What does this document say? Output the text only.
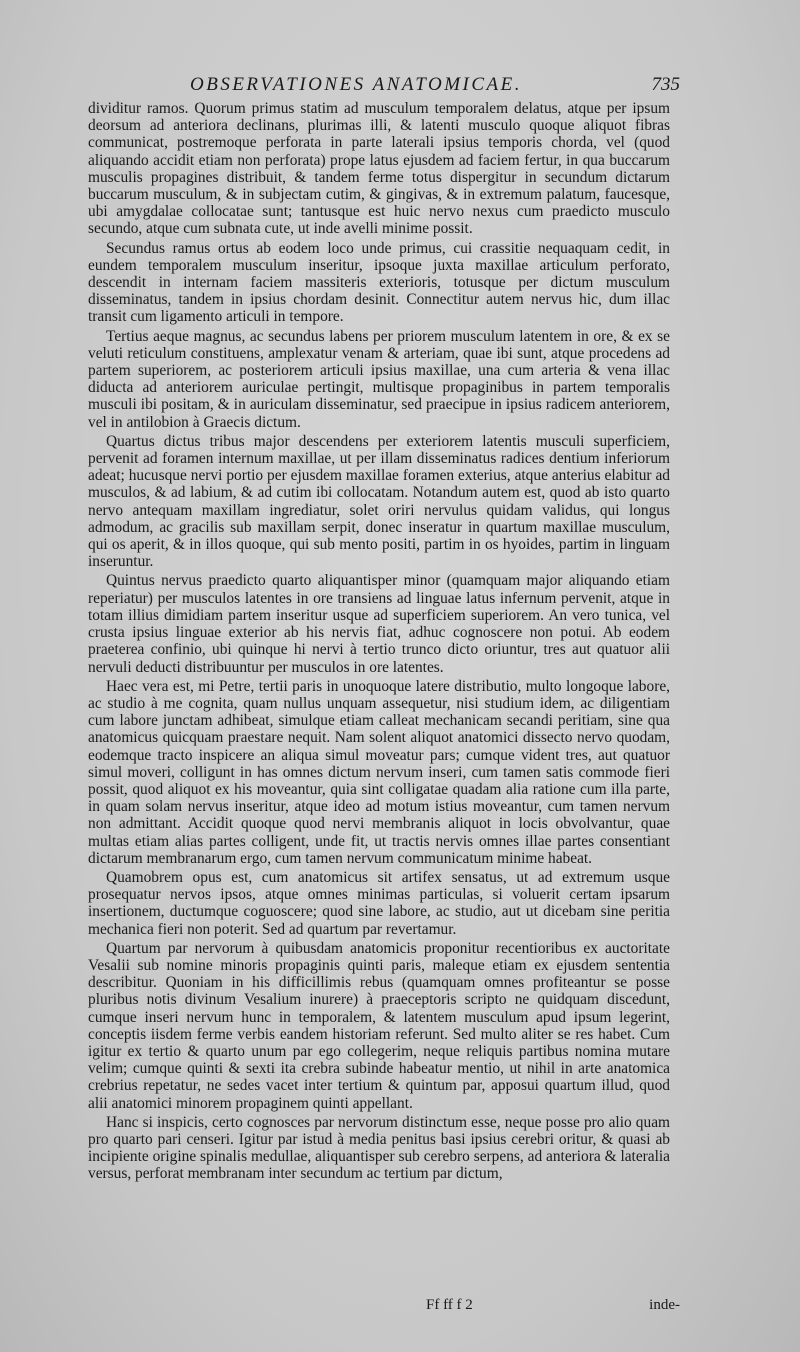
OBSERVATIONES ANATOMICAE.	735

dividitur ramos. Quorum primus statim ad musculum temporalem delatus, atque per ipsum deorsum ad anteriora declinans, plurimas illi, & latenti musculo quoque aliquot fibras communicat, postremoque perforata in parte laterali ipsius temporis chorda, vel (quod aliquando accidit etiam non perforata) prope latus ejusdem ad faciem fertur, in qua buccarum musculis propagines distribuit, & tandem ferme totus dispergitur in secundum dictarum buccarum musculum, & in subjectam cutim, & gingivas, & in extremum palatum, faucesque, ubi amygdalae collocatae sunt; tantusque est huic nervo nexus cum praedicto musculo secundo, atque cum subnata cute, ut inde avelli minime possit.

Secundus ramus ortus ab eodem loco unde primus, cui crassitie nequaquam cedit, in eundem temporalem musculum inseritur, ipsoque juxta maxillae articulum perforato, descendit in internam faciem massiteris exterioris, totusque per dictum musculum disseminatus, tandem in ipsius chordam desinit. Connectitur autem nervus hic, dum illac transit cum ligamento articuli in tempore.

Tertius aeque magnus, ac secundus labens per priorem musculum latentem in ore, & ex se veluti reticulum constituens, amplexatur venam & arteriam, quae ibi sunt, atque procedens ad partem superiorem, ac posteriorem articuli ipsius maxillae, una cum arteria & vena illac diducta ad anteriorem auriculae pertingit, multisque propaginibus in partem temporalis musculi ibi positam, & in auriculam disseminatur, sed praecipue in ipsius radicem anteriorem, vel in antilobion à Graecis dictum.

Quartus dictus tribus major descendens per exteriorem latentis musculi superficiem, pervenit ad foramen internum maxillae, ut per illam disseminatus radices dentium inferiorum adeat; hucusque nervi portio per ejusdem maxillae foramen exterius, atque anterius elabitur ad musculos, & ad labium, & ad cutim ibi collocatam. Notandum autem est, quod ab isto quarto nervo antequam maxillam ingrediatur, solet oriri nervulus quidam validus, qui longus admodum, ac gracilis sub maxillam serpit, donec inseratur in quartum maxillae musculum, qui os aperit, & in illos quoque, qui sub mento positi, partim in os hyoides, partim in linguam inseruntur.

Quintus nervus praedicto quarto aliquantisper minor (quamquam major aliquando etiam reperiatur) per musculos latentes in ore transiens ad linguae latus infernum pervenit, atque in totam illius dimidiam partem inseritur usque ad superficiem superiorem. An vero tunica, vel crusta ipsius linguae exterior ab his nervis fiat, adhuc cognoscere non potui. Ab eodem praeterea confinio, ubi quinque hi nervi à tertio trunco dicto oriuntur, tres aut quatuor alii nervuli deducti distribuuntur per musculos in ore latentes.

Haec vera est, mi Petre, tertii paris in unoquoque latere distributio, multo longoque labore, ac studio à me cognita, quam nullus unquam assequetur, nisi studium idem, ac diligentiam cum labore junctam adhibeat, simulque etiam calleat mechanicam secandi peritiam, sine qua anatomicus quicquam praestare nequit. Nam solent aliquot anatomici dissecto nervo quodam, eodemque tracto inspicere an aliqua simul moveatur pars; cumque vident tres, aut quatuor simul moveri, colligunt in has omnes dictum nervum inseri, cum tamen satis commode fieri possit, quod aliquot ex his moveantur, quia sint colligatae quadam alia ratione cum illa parte, in quam solam nervus inseritur, atque ideo ad motum istius moveantur, cum tamen nervum non admittant. Accidit quoque quod nervi membranis aliquot in locis obvolvantur, quae multas etiam alias partes colligent, unde fit, ut tractis nervis omnes illae partes consentiant dictarum membranarum ergo, cum tamen nervum communicatum minime habeat.

Quamobrem opus est, cum anatomicus sit artifex sensatus, ut ad extremum usque prosequatur nervos ipsos, atque omnes minimas particulas, si voluerit certam ipsarum insertionem, ductumque coguoscere; quod sine labore, ac studio, aut ut dicebam sine peritia mechanica fieri non poterit. Sed ad quartum par revertamur.

Quartum par nervorum à quibusdam anatomicis proponitur recentioribus ex auctoritate Vesalii sub nomine minoris propaginis quinti paris, maleque etiam ex ejusdem sententia describitur. Quoniam in his difficillimis rebus (quamquam omnes profiteantur se posse pluribus notis divinum Vesalium inurere) à praeceptoris scripto ne quidquam discedunt, cumque inseri nervum hunc in temporalem, & latentem musculum apud ipsum legerint, conceptis iisdem ferme verbis eandem historiam referunt. Sed multo aliter se res habet. Cum igitur ex tertio & quarto unum par ego collegerim, neque reliquis partibus nomina mutare velim; cumque quinti & sexti ita crebra subinde habeatur mentio, ut nihil in arte anatomica crebrius repetatur, ne sedes vacet inter tertium & quintum par, apposui quartum illud, quod alii anatomici minorem propaginem quinti appellant.

Hanc si inspicis, certo cognosces par nervorum distinctum esse, neque posse pro alio quam pro quarto pari censeri. Igitur par istud à media penitus basi ipsius cerebri oritur, & quasi ab incipiente origine spinalis medullae, aliquantisper sub cerebro serpens, ad anteriora & lateralia versus, perforat membranam inter secundum ac tertium par dictum,

Ff ff f 2	inde-
